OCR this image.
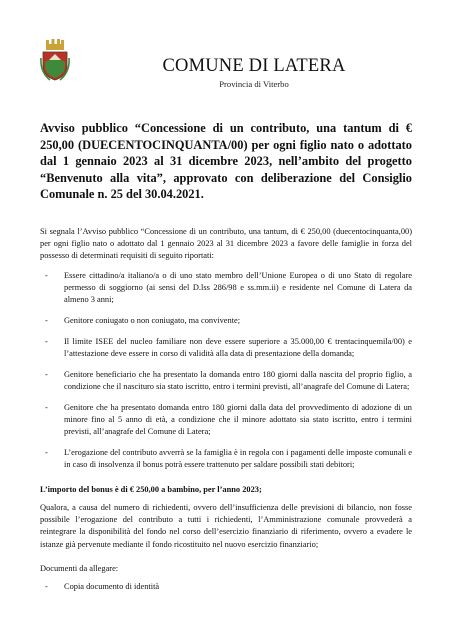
COMUNE DI LATERA
Provincia di Viterbo

Avviso pubblico “Concessione di un contributo, una tantum di € 250,00 (DUECENTOCINQUANTA/00) per ogni figlio nato o adottato dal 1 gennaio 2023 al 31 dicembre 2023, nell’ambito del progetto “Benvenuto alla vita”, approvato con deliberazione del Consiglio Comunale n. 25 del 30.04.2021.

Si segnala l’Avviso pubblico “Concessione di un contributo, una tantum, di € 250,00 (duecentocinquanta,00) per ogni figlio nato o adottato dal 1 gennaio 2023 al 31 dicembre 2023 a favore delle famiglie in forza del possesso di determinati requisiti di seguito riportati:

- Essere cittadino/a italiano/a o di uno stato membro dell’Unione Europea o di uno Stato di regolare permesso di soggiorno (ai sensi del D.lss 286/98 e ss.mm.ii) e residente nel Comune di Latera da almeno 3 anni;
- Genitore coniugato o non coniugato, ma convivente;
- Il limite ISEE del nucleo familiare non deve essere superiore a 35.000,00 € trentacinquemila/00) e l’attestazione deve essere in corso di validità alla data di presentazione della domanda;
- Genitore beneficiario che ha presentato la domanda entro 180 giorni dalla nascita del proprio figlio, a condizione che il nascituro sia stato iscritto, entro i termini previsti, all’anagrafe del Comune di Latera;
- Genitore che ha presentato domanda entro 180 giorni dalla data del provvedimento di adozione di un minore fino al 5 anno di età, a condizione che il minore adottato sia stato iscritto, entro i termini previsti, all’anagrafe del Comune di Latera;
- L’erogazione del contributo avverrà se la famiglia è in regola con i pagamenti delle imposte comunali e in caso di insolvenza il bonus potrà essere trattenuto per saldare possibili stati debitori;

L’importo del bonus è di € 250,00 a bambino, per l’anno 2023;

Qualora, a causa del numero di richiedenti, ovvero dell’insufficienza delle previsioni di bilancio, non fosse possibile l’erogazione del contributo a tutti i richiedenti, l’Amministrazione comunale provvederà a reintegrare la disponibilità del fondo nel corso dell’esercizio finanziario di riferimento, ovvero a evadere le istanze già pervenute mediante il fondo ricostituito nel nuovo esercizio finanziario;

Documenti da allegare:

- Copia documento di identità
